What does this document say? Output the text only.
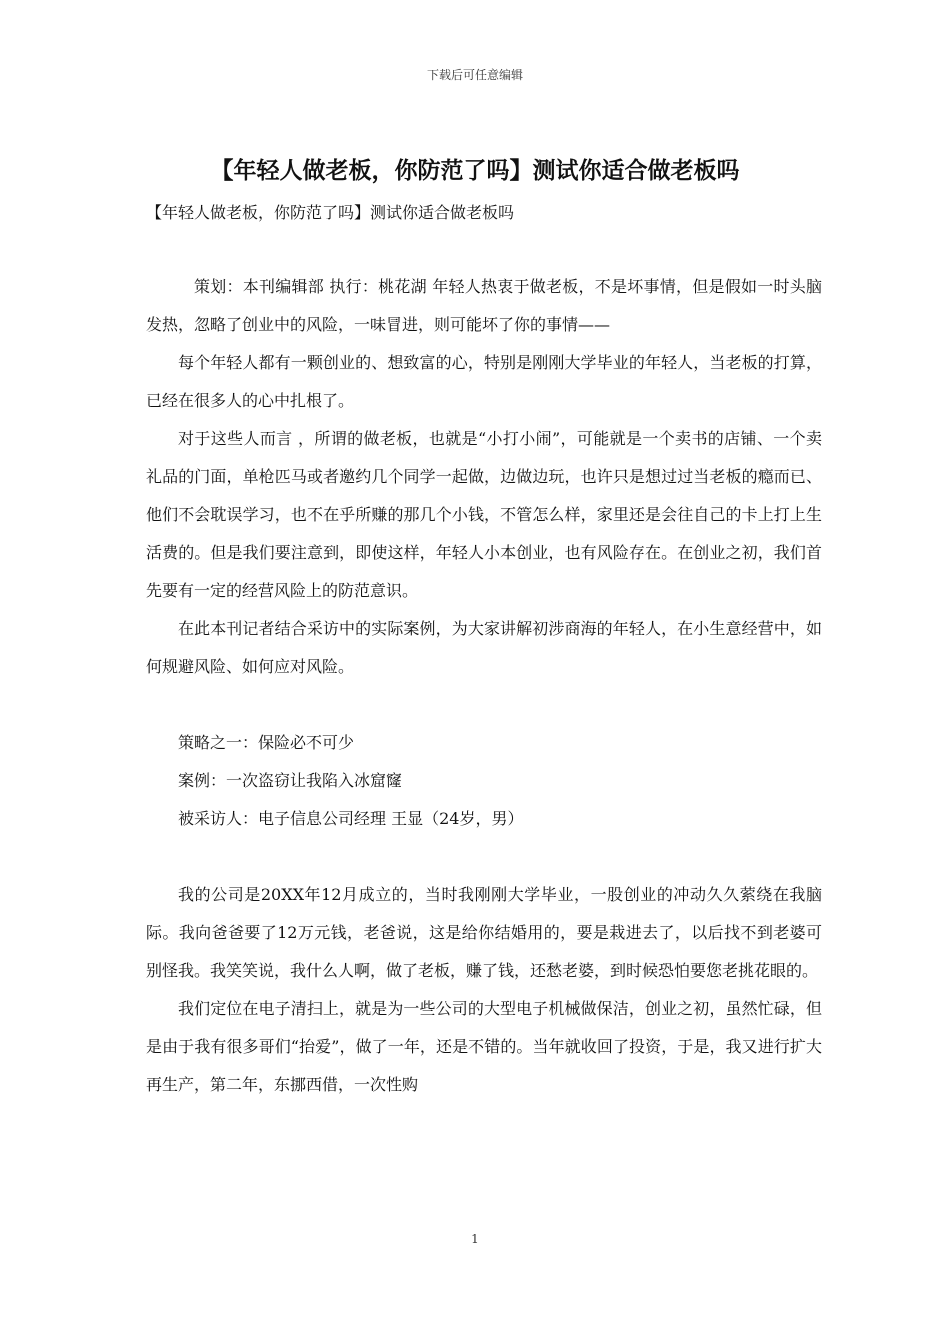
下载后可任意编辑
【年轻人做老板，你防范了吗】测试你适合做老板吗

【年轻人做老板，你防范了吗】测试你适合做老板吗

策划：本刊编辑部 执行：桃花湖 年轻人热衷于做老板，不是坏事情，但是假如一时头脑发热，忽略了创业中的风险，一味冒进，则可能坏了你的事情——

每个年轻人都有一颗创业的、想致富的心，特别是刚刚大学毕业的年轻人，当老板的打算，已经在很多人的心中扎根了。

对于这些人而言 ，所谓的做老板，也就是“小打小闹”，可能就是一个卖书的店铺、一个卖礼品的门面，单枪匹马或者邀约几个同学一起做，边做边玩，也许只是想过过当老板的瘾而已、他们不会耽误学习，也不在乎所赚的那几个小钱，不管怎么样，家里还是会往自己的卡上打上生活费的。但是我们要注意到，即使这样，年轻人小本创业，也有风险存在。在创业之初，我们首先要有一定的经营风险上的防范意识。

在此本刊记者结合采访中的实际案例，为大家讲解初涉商海的年轻人，在小生意经营中，如何规避风险、如何应对风险。

策略之一：保险必不可少

案例：一次盗窃让我陷入冰窟窿

被采访人：电子信息公司经理 王显（24岁，男）

我的公司是20XX年12月成立的，当时我刚刚大学毕业，一股创业的冲动久久萦绕在我脑际。我向爸爸要了12万元钱，老爸说，这是给你结婚用的，要是栽进去了，以后找不到老婆可别怪我。我笑笑说，我什么人啊，做了老板，赚了钱，还愁老婆，到时候恐怕要您老挑花眼的。

我们定位在电子清扫上，就是为一些公司的大型电子机械做保洁，创业之初，虽然忙碌，但是由于我有很多哥们“抬爱”，做了一年，还是不错的。当年就收回了投资，于是，我又进行扩大再生产，第二年，东挪西借，一次性购

1
